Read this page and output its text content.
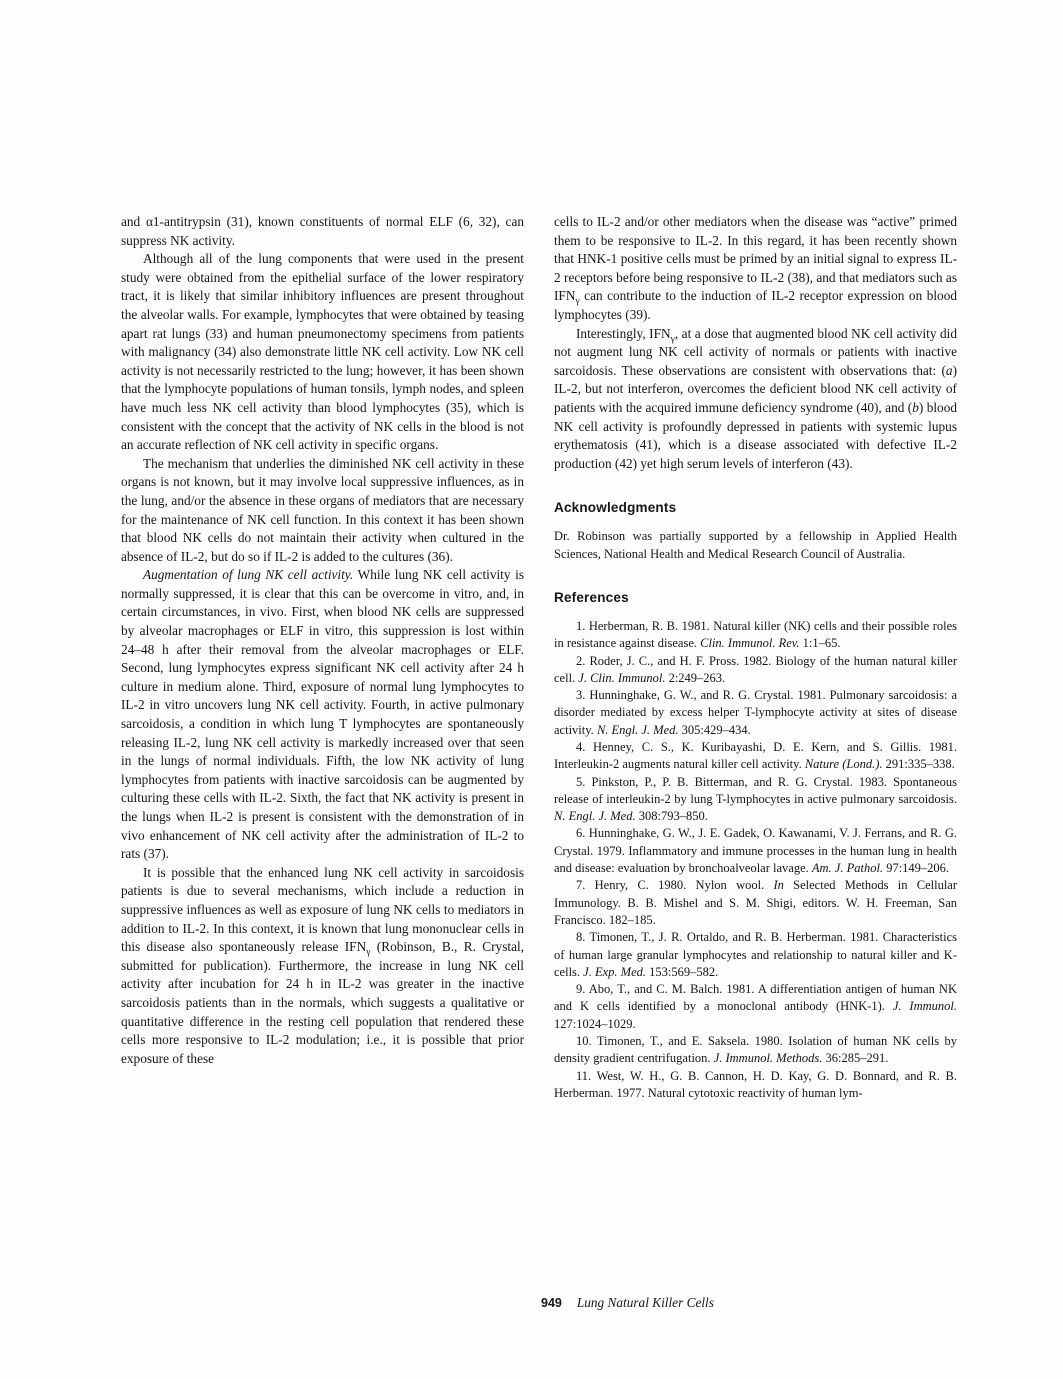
and α1-antitrypsin (31), known constituents of normal ELF (6, 32), can suppress NK activity.

Although all of the lung components that were used in the present study were obtained from the epithelial surface of the lower respiratory tract, it is likely that similar inhibitory influences are present throughout the alveolar walls. For example, lymphocytes that were obtained by teasing apart rat lungs (33) and human pneumonectomy specimens from patients with malignancy (34) also demonstrate little NK cell activity. Low NK cell activity is not necessarily restricted to the lung; however, it has been shown that the lymphocyte populations of human tonsils, lymph nodes, and spleen have much less NK cell activity than blood lymphocytes (35), which is consistent with the concept that the activity of NK cells in the blood is not an accurate reflection of NK cell activity in specific organs.

The mechanism that underlies the diminished NK cell activity in these organs is not known, but it may involve local suppressive influences, as in the lung, and/or the absence in these organs of mediators that are necessary for the maintenance of NK cell function. In this context it has been shown that blood NK cells do not maintain their activity when cultured in the absence of IL-2, but do so if IL-2 is added to the cultures (36).

Augmentation of lung NK cell activity. While lung NK cell activity is normally suppressed, it is clear that this can be overcome in vitro, and, in certain circumstances, in vivo. First, when blood NK cells are suppressed by alveolar macrophages or ELF in vitro, this suppression is lost within 24–48 h after their removal from the alveolar macrophages or ELF. Second, lung lymphocytes express significant NK cell activity after 24 h culture in medium alone. Third, exposure of normal lung lymphocytes to IL-2 in vitro uncovers lung NK cell activity. Fourth, in active pulmonary sarcoidosis, a condition in which lung T lymphocytes are spontaneously releasing IL-2, lung NK cell activity is markedly increased over that seen in the lungs of normal individuals. Fifth, the low NK activity of lung lymphocytes from patients with inactive sarcoidosis can be augmented by culturing these cells with IL-2. Sixth, the fact that NK activity is present in the lungs when IL-2 is present is consistent with the demonstration of in vivo enhancement of NK cell activity after the administration of IL-2 to rats (37).

It is possible that the enhanced lung NK cell activity in sarcoidosis patients is due to several mechanisms, which include a reduction in suppressive influences as well as exposure of lung NK cells to mediators in addition to IL-2. In this context, it is known that lung mononuclear cells in this disease also spontaneously release $IFN_\gamma$ (Robinson, B., R. Crystal, submitted for publication). Furthermore, the increase in lung NK cell activity after incubation for 24 h in IL-2 was greater in the inactive sarcoidosis patients than in the normals, which suggests a qualitative or quantitative difference in the resting cell population that rendered these cells more responsive to IL-2 modulation; i.e., it is possible that prior exposure of these

cells to IL-2 and/or other mediators when the disease was “active” primed them to be responsive to IL-2. In this regard, it has been recently shown that HNK-1 positive cells must be primed by an initial signal to express IL-2 receptors before being responsive to IL-2 (38), and that mediators such as $IFN_\gamma$ can contribute to the induction of IL-2 receptor expression on blood lymphocytes (39).

Interestingly, $IFN_\gamma$, at a dose that augmented blood NK cell activity did not augment lung NK cell activity of normals or patients with inactive sarcoidosis. These observations are consistent with observations that: (a) IL-2, but not interferon, overcomes the deficient blood NK cell activity of patients with the acquired immune deficiency syndrome (40), and (b) blood NK cell activity is profoundly depressed in patients with systemic lupus erythematosis (41), which is a disease associated with defective IL-2 production (42) yet high serum levels of interferon (43).

Acknowledgments

Dr. Robinson was partially supported by a fellowship in Applied Health Sciences, National Health and Medical Research Council of Australia.

References

1. Herberman, R. B. 1981. Natural killer (NK) cells and their possible roles in resistance against disease. Clin. Immunol. Rev. 1:1–65.

2. Roder, J. C., and H. F. Pross. 1982. Biology of the human natural killer cell. J. Clin. Immunol. 2:249–263.

3. Hunninghake, G. W., and R. G. Crystal. 1981. Pulmonary sarcoidosis: a disorder mediated by excess helper T-lymphocyte activity at sites of disease activity. N. Engl. J. Med. 305:429–434.

4. Henney, C. S., K. Kuribayashi, D. E. Kern, and S. Gillis. 1981. Interleukin-2 augments natural killer cell activity. Nature (Lond.). 291:335–338.

5. Pinkston, P., P. B. Bitterman, and R. G. Crystal. 1983. Spontaneous release of interleukin-2 by lung T-lymphocytes in active pulmonary sarcoidosis. N. Engl. J. Med. 308:793–850.

6. Hunninghake, G. W., J. E. Gadek, O. Kawanami, V. J. Ferrans, and R. G. Crystal. 1979. Inflammatory and immune processes in the human lung in health and disease: evaluation by bronchoalveolar lavage. Am. J. Pathol. 97:149–206.

7. Henry, C. 1980. Nylon wool. In Selected Methods in Cellular Immunology. B. B. Mishel and S. M. Shigi, editors. W. H. Freeman, San Francisco. 182–185.

8. Timonen, T., J. R. Ortaldo, and R. B. Herberman. 1981. Characteristics of human large granular lymphocytes and relationship to natural killer and K-cells. J. Exp. Med. 153:569–582.

9. Abo, T., and C. M. Balch. 1981. A differentiation antigen of human NK and K cells identified by a monoclonal antibody (HNK-1). J. Immunol. 127:1024–1029.

10. Timonen, T., and E. Saksela. 1980. Isolation of human NK cells by density gradient centrifugation. J. Immunol. Methods. 36:285–291.

11. West, W. H., G. B. Cannon, H. D. Kay, G. D. Bonnard, and R. B. Herberman. 1977. Natural cytotoxic reactivity of human lym-

949 Lung Natural Killer Cells
